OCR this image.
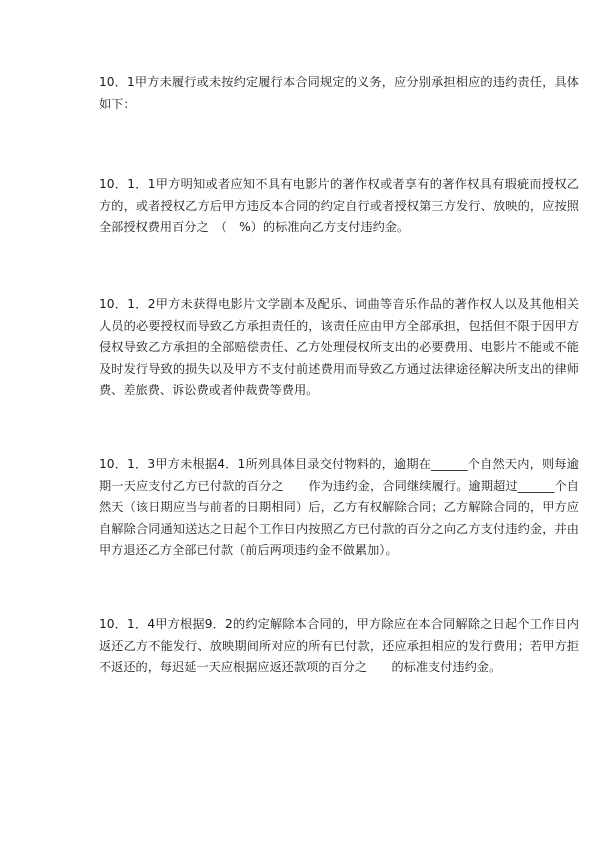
10．1甲方未履行或未按约定履行本合同规定的义务，应分别承担相应的违约责任，具体如下：

10．1．1甲方明知或者应知不具有电影片的著作权或者享有的著作权具有瑕疵而授权乙方的，或者授权乙方后甲方违反本合同的约定自行或者授权第三方发行、放映的，应按照全部授权费用百分之　（　%）的标准向乙方支付违约金。

10．1．2甲方未获得电影片文学剧本及配乐、词曲等音乐作品的著作权人以及其他相关人员的必要授权而导致乙方承担责任的，该责任应由甲方全部承担，包括但不限于因甲方侵权导致乙方承担的全部赔偿责任、乙方处理侵权所支出的必要费用、电影片不能或不能及时发行导致的损失以及甲方不支付前述费用而导致乙方通过法律途径解决所支出的律师费、差旅费、诉讼费或者仲裁费等费用。

10．1．3甲方未根据4．1所列具体目录交付物料的，逾期在______个自然天内，则每逾期一天应支付乙方已付款的百分之　　作为违约金，合同继续履行。逾期超过______个自然天（该日期应当与前者的日期相同）后，乙方有权解除合同；乙方解除合同的，甲方应自解除合同通知送达之日起个工作日内按照乙方已付款的百分之向乙方支付违约金，并由甲方退还乙方全部已付款（前后两项违约金不做累加）。

10．1．4甲方根据9．2的约定解除本合同的，甲方除应在本合同解除之日起个工作日内返还乙方不能发行、放映期间所对应的所有已付款，还应承担相应的发行费用；若甲方拒不返还的，每迟延一天应根据应返还款项的百分之　　的标准支付违约金。
